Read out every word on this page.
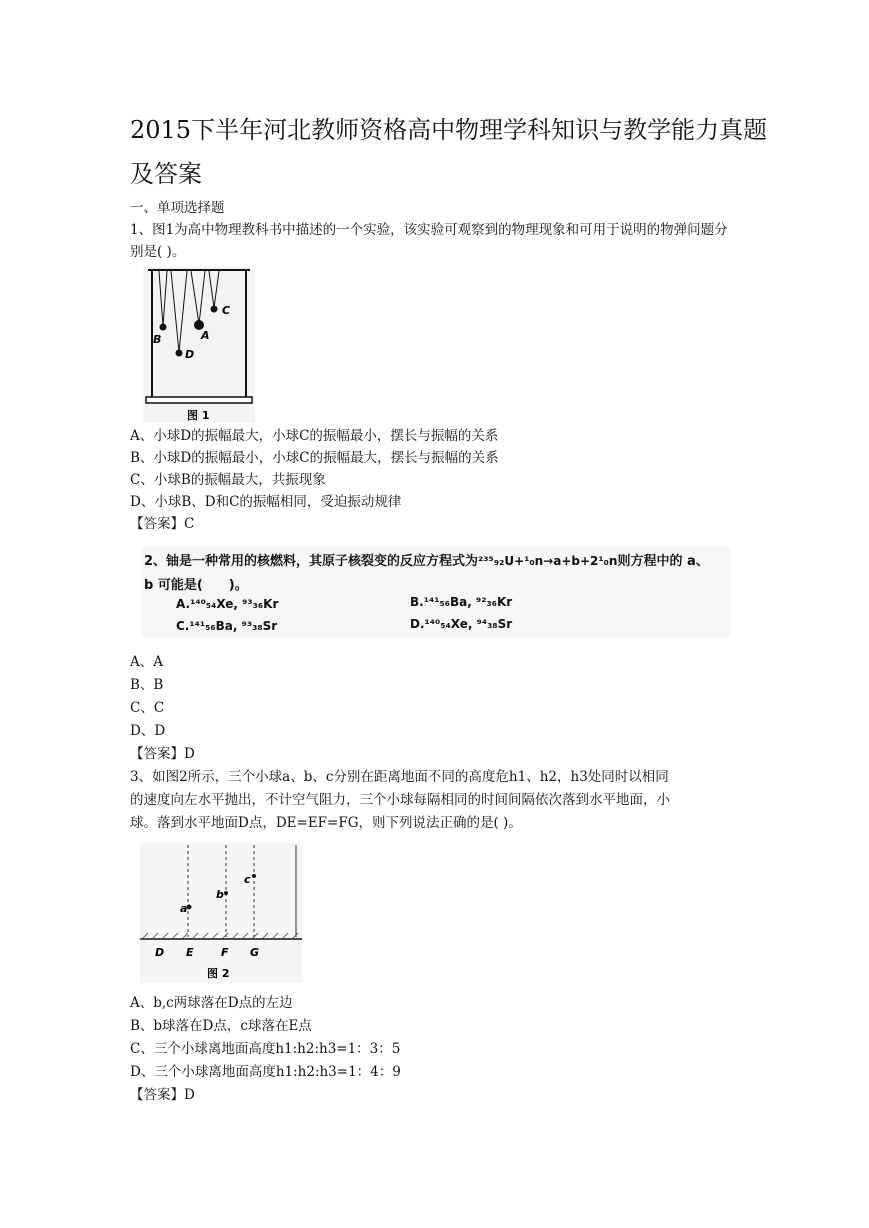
2015下半年河北教师资格高中物理学科知识与教学能力真题及答案
一、单项选择题
1、图1为高中物理教科书中描述的一个实验，该实验可观察到的物理现象和可用于说明的物弹问题分别是( )。
B	A
C
D
图 1
A、小球D的振幅最大，小球C的振幅最小，摆长与振幅的关系
B、小球D的振幅最小，小球C的振幅最大，摆长与振幅的关系
C、小球B的振幅最大，共振现象
D、小球B、D和C的振幅相同，受迫振动规律
【答案】C
2、铀是一种常用的核燃料，其原子核裂变的反应方程式为²³⁵₉₂U+¹₀n→a+b+2¹₀n则方程中的 a、
b 可能是(　　)。
A.¹⁴⁰₅₄Xe, ⁹³₃₆Kr	B.¹⁴¹₅₆Ba, ⁹²₃₆Kr
C.¹⁴¹₅₆Ba, ⁹³₃₈Sr	D.¹⁴⁰₅₄Xe, ⁹⁴₃₈Sr
A、A
B、B
C、C
D、D
【答案】D
3、如图2所示，三个小球a、b、c分别在距离地面不同的高度危h1、h2，h3处同时以相同
的速度向左水平抛出，不计空气阻力，三个小球每隔相同的时间间隔依次落到水平地面，小
球。落到水平地面D点，DE=EF=FG，则下列说法正确的是( )。
a
b
c
D E F G
图 2
A、b,c两球落在D点的左边
B、b球落在D点，c球落在E点
C、三个小球离地面高度h1:h2:h3=1：3：5
D、三个小球离地面高度h1:h2:h3=1：4：9
【答案】D
